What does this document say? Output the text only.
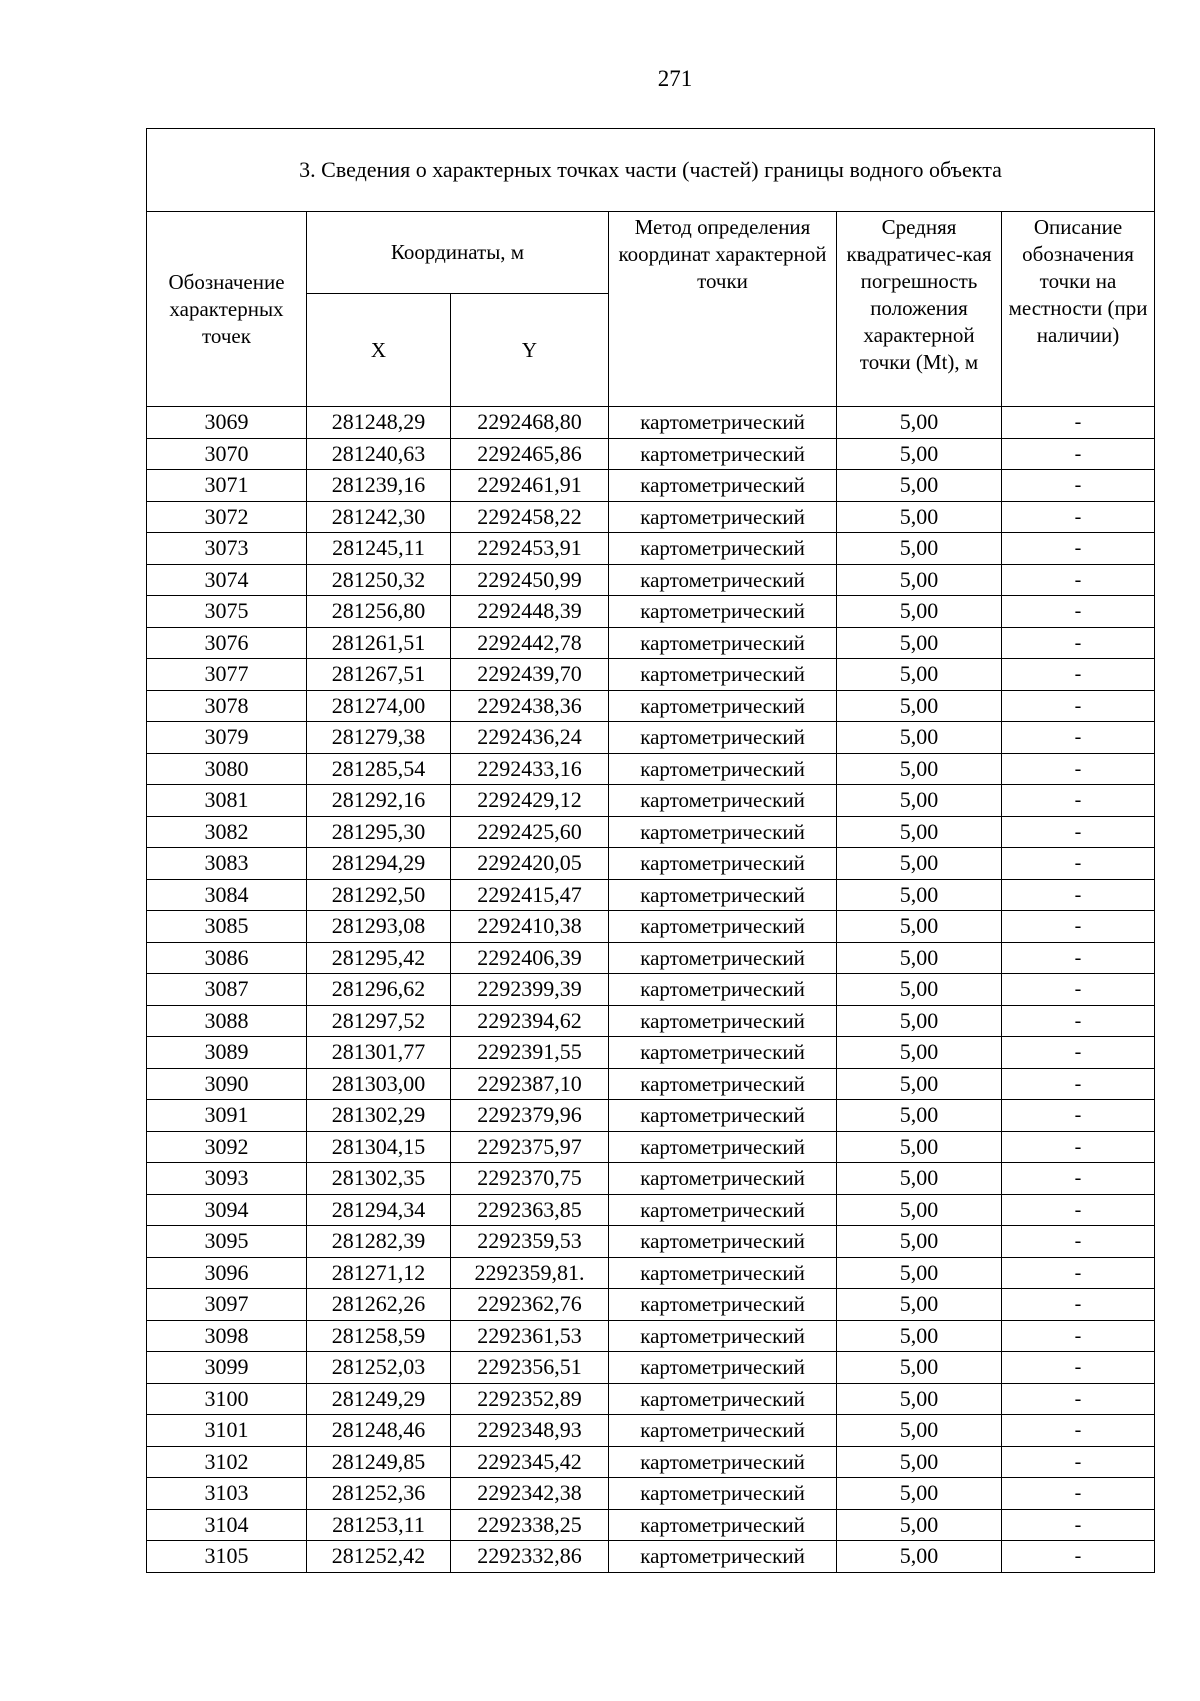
271
3. Сведения о характерных точках части (частей) границы водного объекта					
Обозначение характерных точек	Координаты, м		Метод определения координат характерной точки	Средняя квадратичес-кая погрешность положения характерной точки (Mt), м	Описание обозначения точки на местности (при наличии)
	X	Y			
3069	281248,29	2292468,80	картометрический	5,00	-
3070	281240,63	2292465,86	картометрический	5,00	-
3071	281239,16	2292461,91	картометрический	5,00	-
3072	281242,30	2292458,22	картометрический	5,00	-
3073	281245,11	2292453,91	картометрический	5,00	-
3074	281250,32	2292450,99	картометрический	5,00	-
3075	281256,80	2292448,39	картометрический	5,00	-
3076	281261,51	2292442,78	картометрический	5,00	-
3077	281267,51	2292439,70	картометрический	5,00	-
3078	281274,00	2292438,36	картометрический	5,00	-
3079	281279,38	2292436,24	картометрический	5,00	-
3080	281285,54	2292433,16	картометрический	5,00	-
3081	281292,16	2292429,12	картометрический	5,00	-
3082	281295,30	2292425,60	картометрический	5,00	-
3083	281294,29	2292420,05	картометрический	5,00	-
3084	281292,50	2292415,47	картометрический	5,00	-
3085	281293,08	2292410,38	картометрический	5,00	-
3086	281295,42	2292406,39	картометрический	5,00	-
3087	281296,62	2292399,39	картометрический	5,00	-
3088	281297,52	2292394,62	картометрический	5,00	-
3089	281301,77	2292391,55	картометрический	5,00	-
3090	281303,00	2292387,10	картометрический	5,00	-
3091	281302,29	2292379,96	картометрический	5,00	-
3092	281304,15	2292375,97	картометрический	5,00	-
3093	281302,35	2292370,75	картометрический	5,00	-
3094	281294,34	2292363,85	картометрический	5,00	-
3095	281282,39	2292359,53	картометрический	5,00	-
3096	281271,12	2292359,81.	картометрический	5,00	-
3097	281262,26	2292362,76	картометрический	5,00	-
3098	281258,59	2292361,53	картометрический	5,00	-
3099	281252,03	2292356,51	картометрический	5,00	-
3100	281249,29	2292352,89	картометрический	5,00	-
3101	281248,46	2292348,93	картометрический	5,00	-
3102	281249,85	2292345,42	картометрический	5,00	-
3103	281252,36	2292342,38	картометрический	5,00	-
3104	281253,11	2292338,25	картометрический	5,00	-
3105	281252,42	2292332,86	картометрический	5,00	-
